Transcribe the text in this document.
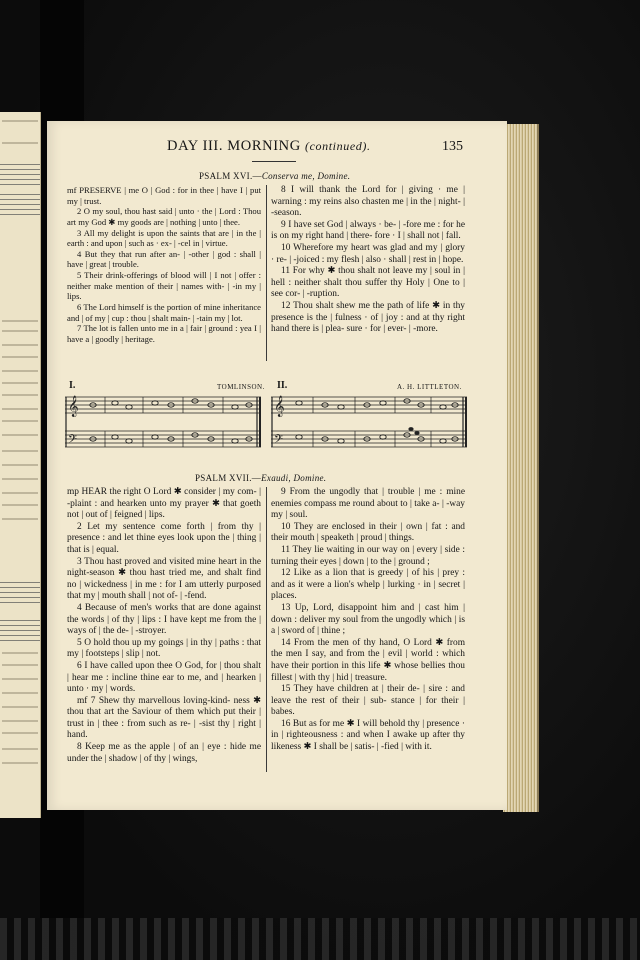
DAY III. MORNING (continued).	135
PSALM XVI.—Conserva me, Domine.

mf PRESERVE | me O | God : for in thee | have I | put my | trust.

2 O my soul, thou hast said | unto · the | Lord : Thou art my God ✱ my goods are | nothing | unto | thee.

3 All my delight is upon the saints that are | in the | earth : and upon | such as · ex- | -cel in | virtue.

4 But they that run after an- | -other | god : shall | have | great | trouble.

5 Their drink-offerings of blood will | I not | offer : neither make mention of their | names with- | -in my | lips.

6 The Lord himself is the portion of mine inheritance and | of my | cup : thou | shalt main- | -tain my | lot.

7 The lot is fallen unto me in a | fair | ground : yea I | have a | goodly | heritage.

8 I will thank the Lord for | giving · me | warning : my reins also chasten me | in the | night- | -season.

9 I have set God | always · be- | -fore me : for he is on my right hand | there- fore · I | shall not | fall.

10 Wherefore my heart was glad and my | glory · re- | -joiced : my flesh | also · shall | rest in | hope.

11 For why ✱ thou shalt not leave my | soul in | hell : neither shalt thou suffer thy Holy | One to | see cor- | -ruption.

12 Thou shalt shew me the path of life ✱ in thy presence is the | fulness · of | joy : and at thy right hand there is | plea- sure · for | ever- | -more.

I.	TOMLINSON. II.	A. H. LITTLETON.
𝄞
𝄢
𝄞
𝄢
PSALM XVII.—Exaudi, Domine.

mp HEAR the right O Lord ✱ consider | my com- | -plaint : and hearken unto my prayer ✱ that goeth not | out of | feigned | lips.

2 Let my sentence come forth | from thy | presence : and let thine eyes look upon the | thing | that is | equal.

3 Thou hast proved and visited mine heart in the night-season ✱ thou hast tried me, and shalt find no | wickedness | in me : for I am utterly purposed that my | mouth shall | not of- | -fend.

4 Because of men's works that are done against the words | of thy | lips : I have kept me from the | ways of | the de- | -stroyer.

5 O hold thou up my goings | in thy | paths : that my | footsteps | slip | not.

6 I have called upon thee O God, for | thou shalt | hear me : incline thine ear to me, and | hearken | unto · my | words.

mf 7 Shew thy marvellous loving-kind- ness ✱ thou that art the Saviour of them which put their | trust in | thee : from such as re- | -sist thy | right | hand.

8 Keep me as the apple | of an | eye : hide me under the | shadow | of thy | wings,

9 From the ungodly that | trouble | me : mine enemies compass me round about to | take a- | -way my | soul.

10 They are enclosed in their | own | fat : and their mouth | speaketh | proud | things.

11 They lie waiting in our way on | every | side : turning their eyes | down | to the | ground ;

12 Like as a lion that is greedy | of his | prey : and as it were a lion's whelp | lurking · in | secret | places.

13 Up, Lord, disappoint him and | cast him | down : deliver my soul from the ungodly which | is a | sword of | thine ;

14 From the men of thy hand, O Lord ✱ from the men I say, and from the | evil | world : which have their portion in this life ✱ whose bellies thou fillest | with thy | hid | treasure.

15 They have children at | their de- | sire : and leave the rest of their | sub- stance | for their | babes.

16 But as for me ✱ I will behold thy | presence · in | righteousness : and when I awake up after thy likeness ✱ I shall be | satis- | -fied | with it.
